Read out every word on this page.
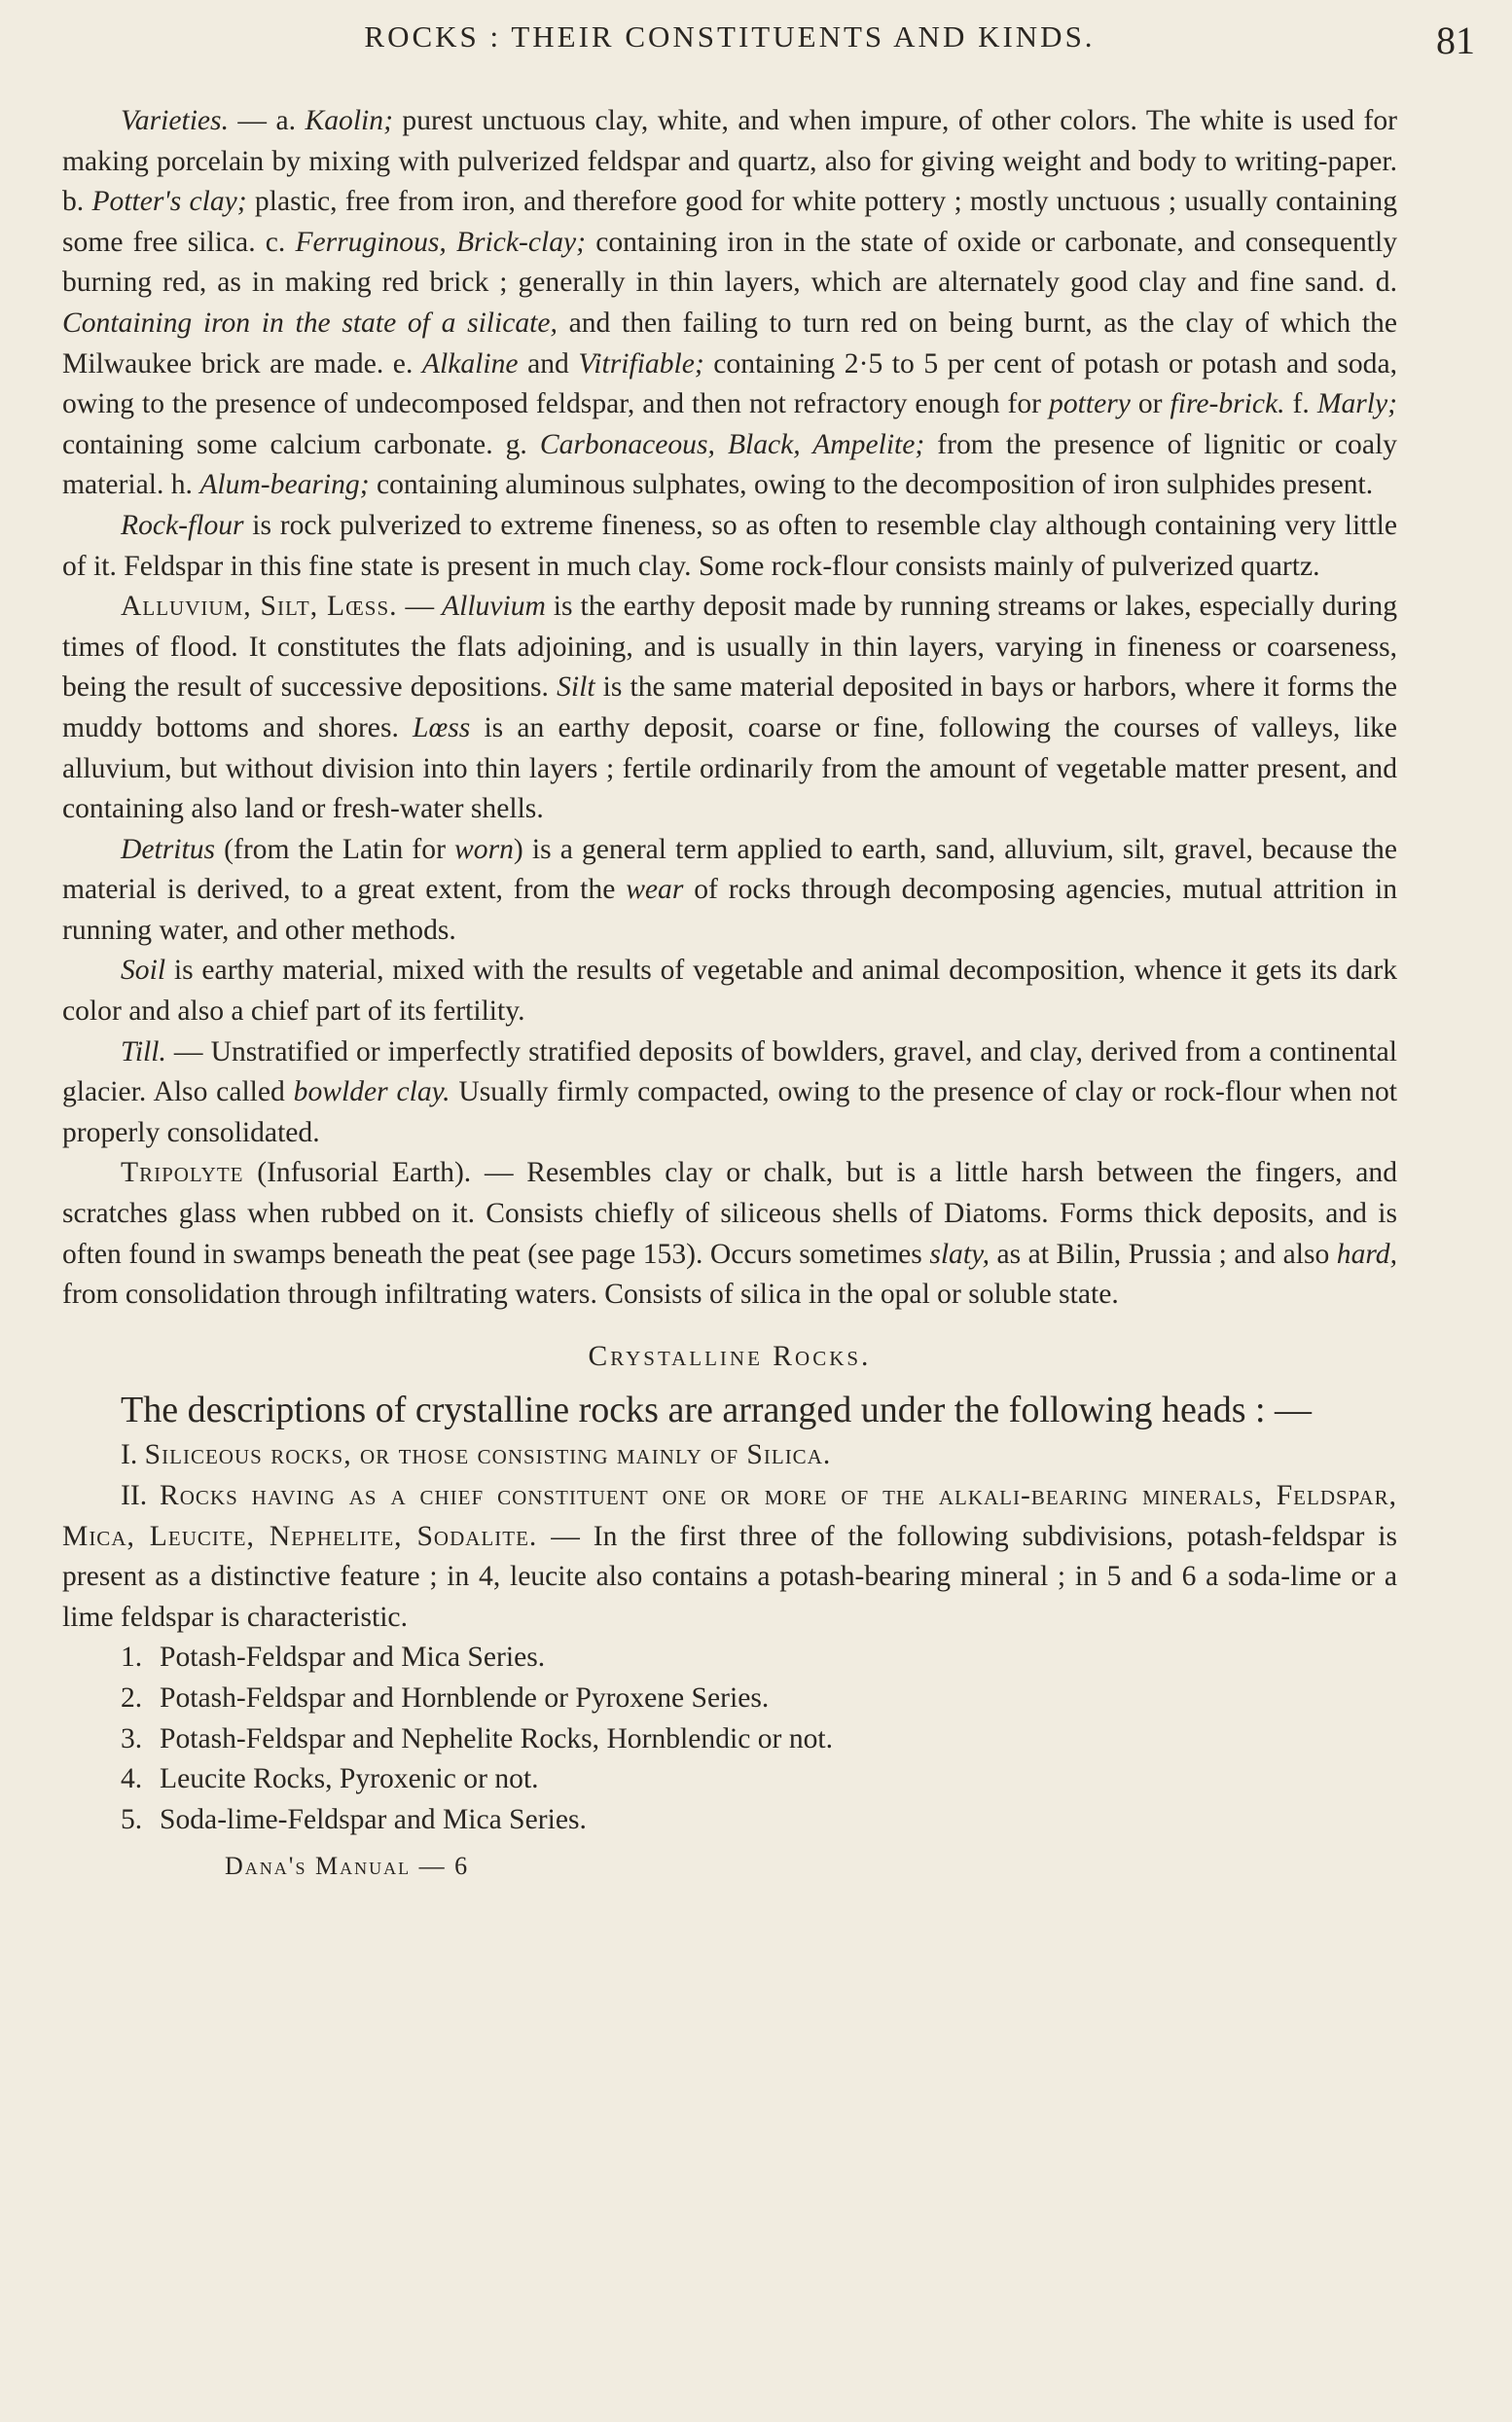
ROCKS : THEIR CONSTITUENTS AND KINDS.	81

Varieties. — a. Kaolin; purest unctuous clay, white, and when impure, of other colors. The white is used for making porcelain by mixing with pulverized feldspar and quartz, also for giving weight and body to writing-paper. b. Potter's clay; plastic, free from iron, and therefore good for white pottery ; mostly unctuous ; usually containing some free silica. c. Ferruginous, Brick-clay; containing iron in the state of oxide or carbonate, and consequently burning red, as in making red brick ; generally in thin layers, which are alternately good clay and fine sand. d. Containing iron in the state of a silicate, and then failing to turn red on being burnt, as the clay of which the Milwaukee brick are made. e. Alkaline and Vitrifiable; containing 2·5 to 5 per cent of potash or potash and soda, owing to the presence of undecomposed feldspar, and then not refractory enough for pottery or fire-brick. f. Marly; containing some calcium carbonate. g. Carbonaceous, Black, Ampelite; from the presence of lignitic or coaly material. h. Alum-bearing; containing aluminous sulphates, owing to the decomposition of iron sulphides present.

Rock-flour is rock pulverized to extreme fineness, so as often to resemble clay although containing very little of it. Feldspar in this fine state is present in much clay. Some rock-flour consists mainly of pulverized quartz.

Alluvium, Silt, Lœss. — Alluvium is the earthy deposit made by running streams or lakes, especially during times of flood. It constitutes the flats adjoining, and is usually in thin layers, varying in fineness or coarseness, being the result of successive depositions. Silt is the same material deposited in bays or harbors, where it forms the muddy bottoms and shores. Lœss is an earthy deposit, coarse or fine, following the courses of valleys, like alluvium, but without division into thin layers ; fertile ordinarily from the amount of vegetable matter present, and containing also land or fresh-water shells.

Detritus (from the Latin for worn) is a general term applied to earth, sand, alluvium, silt, gravel, because the material is derived, to a great extent, from the wear of rocks through decomposing agencies, mutual attrition in running water, and other methods.

Soil is earthy material, mixed with the results of vegetable and animal decomposition, whence it gets its dark color and also a chief part of its fertility.

Till. — Unstratified or imperfectly stratified deposits of bowlders, gravel, and clay, derived from a continental glacier. Also called bowlder clay. Usually firmly compacted, owing to the presence of clay or rock-flour when not properly consolidated.

Tripolyte (Infusorial Earth). — Resembles clay or chalk, but is a little harsh between the fingers, and scratches glass when rubbed on it. Consists chiefly of siliceous shells of Diatoms. Forms thick deposits, and is often found in swamps beneath the peat (see page 153). Occurs sometimes slaty, as at Bilin, Prussia ; and also hard, from consolidation through infiltrating waters. Consists of silica in the opal or soluble state.

Crystalline Rocks.

The descriptions of crystalline rocks are arranged under the following heads : —

I. Siliceous rocks, or those consisting mainly of Silica.

II. Rocks having as a chief constituent one or more of the alkali-bearing minerals, Feldspar, Mica, Leucite, Nephelite, Sodalite. — In the first three of the following subdivisions, potash-feldspar is present as a distinctive feature ; in 4, leucite also contains a potash-bearing mineral ; in 5 and 6 a soda-lime or a lime feldspar is characteristic.

1. Potash-Feldspar and Mica Series.
2. Potash-Feldspar and Hornblende or Pyroxene Series.
3. Potash-Feldspar and Nephelite Rocks, Hornblendic or not.
4. Leucite Rocks, Pyroxenic or not.
5. Soda-lime-Feldspar and Mica Series.

Dana's Manual — 6
